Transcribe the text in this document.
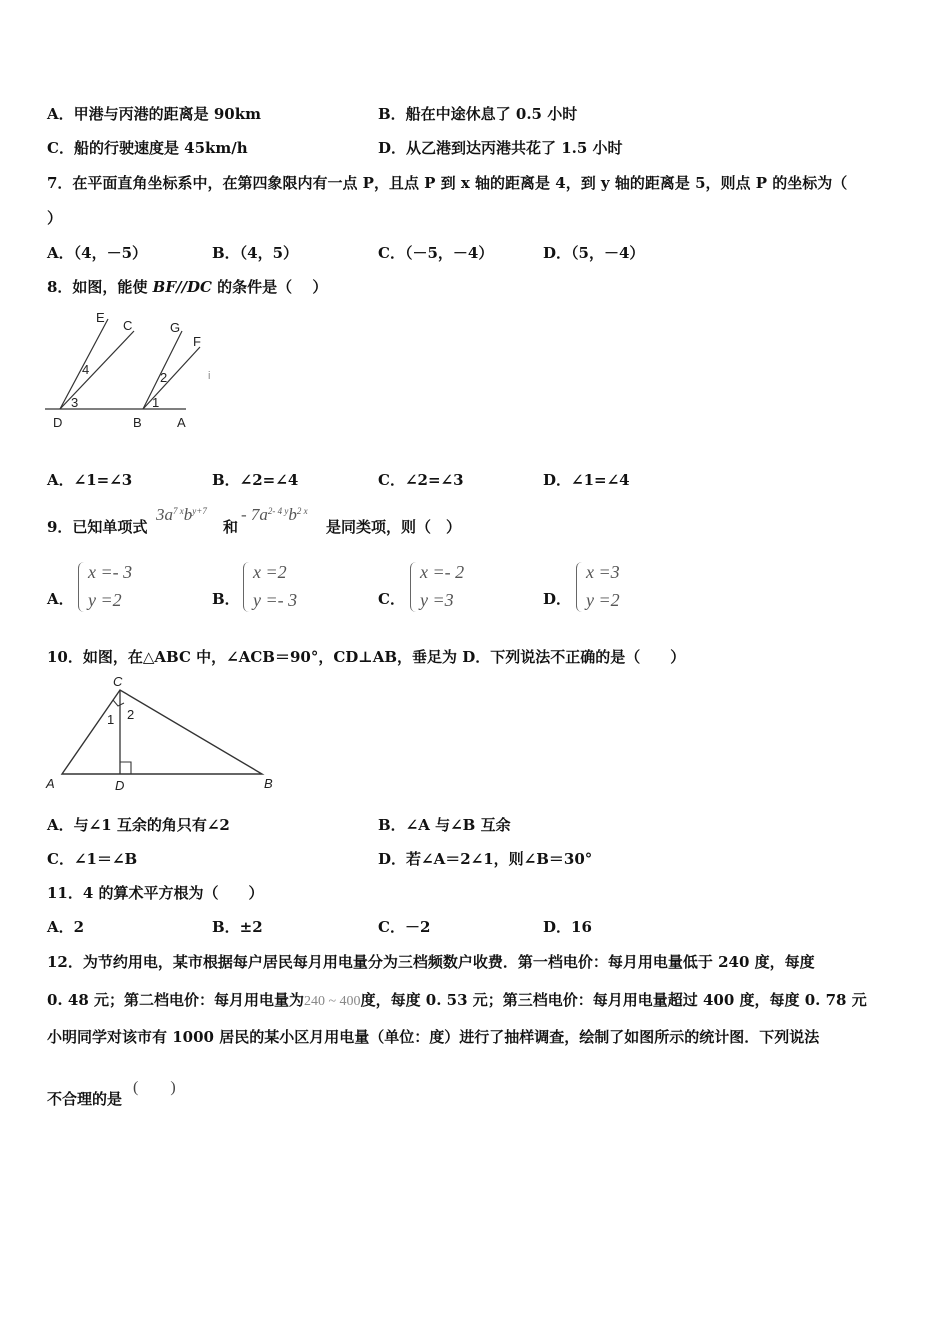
A．甲港与丙港的距离是 90km	B．船在中途休息了 0.5 小时
C．船的行驶速度是 45km/h	D．从乙港到达丙港共花了 1.5 小时
7．在平面直角坐标系中，在第四象限内有一点 P，且点 P 到 x 轴的距离是 4，到 y 轴的距离是 5，则点 P 的坐标为（
）
A．（4，－5）	B．（4，5）	C．（－5，－4）	D．（5，－4）
8．如图，能使 BF//DC 的条件是（　 ）
E
C	G
F
4
3
2
1
D	B	A
i
A．∠1=∠3	B．∠2=∠4	C．∠2=∠3	D．∠1=∠4
9．已知单项式
$3a^{7 x}b^{y+7}$
和
- $7a^{2- 4 y}b^{2 x}$
是同类项，则（　）
A．
x =- 3
y =2	B．
x =2
y =- 3	C．
x =- 2
y =3	D．
x =3
y =2
10．如图，在△ABC 中，∠ACB＝90°，CD⊥AB，垂足为 D．下列说法不正确的是（　　）
C
1 2
A	D	B
A．与∠1 互余的角只有∠2	B．∠A 与∠B 互余
C．∠1＝∠B	D．若∠A＝2∠1，则∠B＝30°
11．4 的算术平方根为（　　）
A．2	B．±2	C．－2	D．16
12．为节约用电，某市根据每户居民每月用电量分为三档频数户收费．第一档电价：每月用电量低于 240 度，每度
0. 48 元；第二档电价：每月用电量为240 ~ 400度，每度 0. 53 元；第三档电价：每月用电量超过 400 度，每度 0. 78 元
小明同学对该市有 1000 居民的某小区月用电量（单位：度）进行了抽样调查，绘制了如图所示的统计图．下列说法
不合理的是
(　　)
